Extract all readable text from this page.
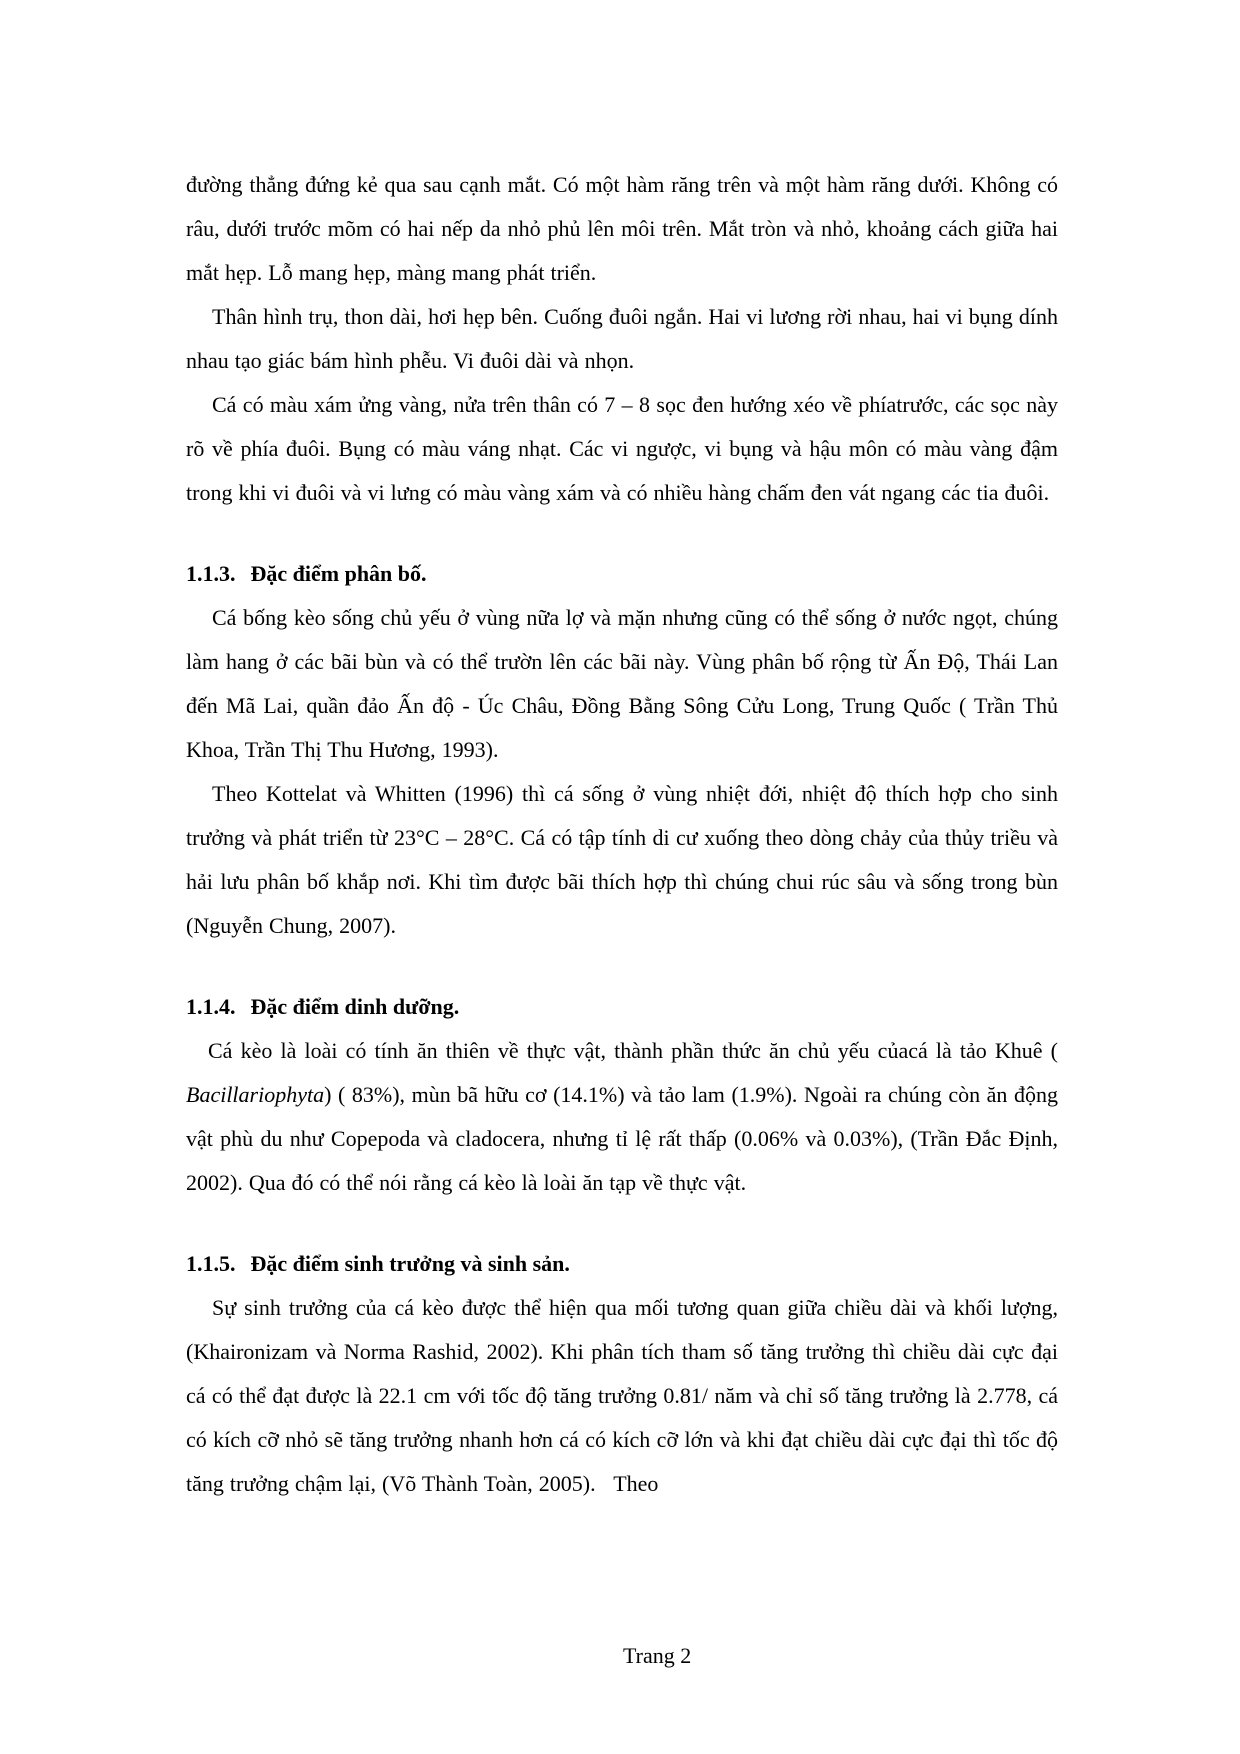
đường thẳng đứng kẻ qua sau cạnh mắt. Có một hàm răng trên và một hàm răng dưới. Không có râu, dưới trước mõm có hai nếp da nhỏ phủ lên môi trên. Mắt tròn và nhỏ, khoảng cách giữa hai mắt hẹp. Lỗ mang hẹp, màng mang phát triển.

Thân hình trụ, thon dài, hơi hẹp bên. Cuống đuôi ngắn. Hai vi lương rời nhau, hai vi bụng dính nhau tạo giác bám hình phễu. Vi đuôi dài và nhọn.

Cá có màu xám ửng vàng, nửa trên thân có 7 – 8 sọc đen hướng xéo về phíatrước, các sọc này rõ về phía đuôi. Bụng có màu váng nhạt. Các vi ngược, vi bụng và hậu môn có màu vàng đậm trong khi vi đuôi và vi lưng có màu vàng xám và có nhiều hàng chấm đen vát ngang các tia đuôi.

1.1.3. Đặc điểm phân bố.

Cá bống kèo sống chủ yếu ở vùng nữa lợ và mặn nhưng cũng có thể sống ở nước ngọt, chúng làm hang ở các bãi bùn và có thể trườn lên các bãi này. Vùng phân bố rộng từ Ấn Độ, Thái Lan đến Mã Lai, quần đảo Ấn độ - Úc Châu, Đồng Bằng Sông Cửu Long, Trung Quốc ( Trần Thủ Khoa, Trần Thị Thu Hương, 1993).

Theo Kottelat và Whitten (1996) thì cá sống ở vùng nhiệt đới, nhiệt độ thích hợp cho sinh trưởng và phát triển từ 23°C – 28°C. Cá có tập tính di cư xuống theo dòng chảy của thủy triều và hải lưu phân bố khắp nơi. Khi tìm được bãi thích hợp thì chúng chui rúc sâu và sống trong bùn (Nguyễn Chung, 2007).

1.1.4. Đặc điểm dinh dưỡng.

Cá kèo là loài có tính ăn thiên về thực vật, thành phần thức ăn chủ yếu củacá là tảo Khuê ( Bacillariophyta) ( 83%), mùn bã hữu cơ (14.1%) và tảo lam (1.9%). Ngoài ra chúng còn ăn động vật phù du như Copepoda và cladocera, nhưng tỉ lệ rất thấp (0.06% và 0.03%), (Trần Đắc Định, 2002). Qua đó có thể nói rằng cá kèo là loài ăn tạp về thực vật.

1.1.5. Đặc điểm sinh trưởng và sinh sản.

Sự sinh trưởng của cá kèo được thể hiện qua mối tương quan giữa chiều dài và khối lượng, (Khaironizam và Norma Rashid, 2002). Khi phân tích tham số tăng trưởng thì chiều dài cực đại cá có thể đạt được là 22.1 cm với tốc độ tăng trưởng 0.81/ năm và chỉ số tăng trưởng là 2.778, cá có kích cỡ nhỏ sẽ tăng trưởng nhanh hơn cá có kích cỡ lớn và khi đạt chiều dài cực đại thì tốc độ tăng trưởng chậm lại, (Võ Thành Toàn, 2005).   Theo

Trang 2
